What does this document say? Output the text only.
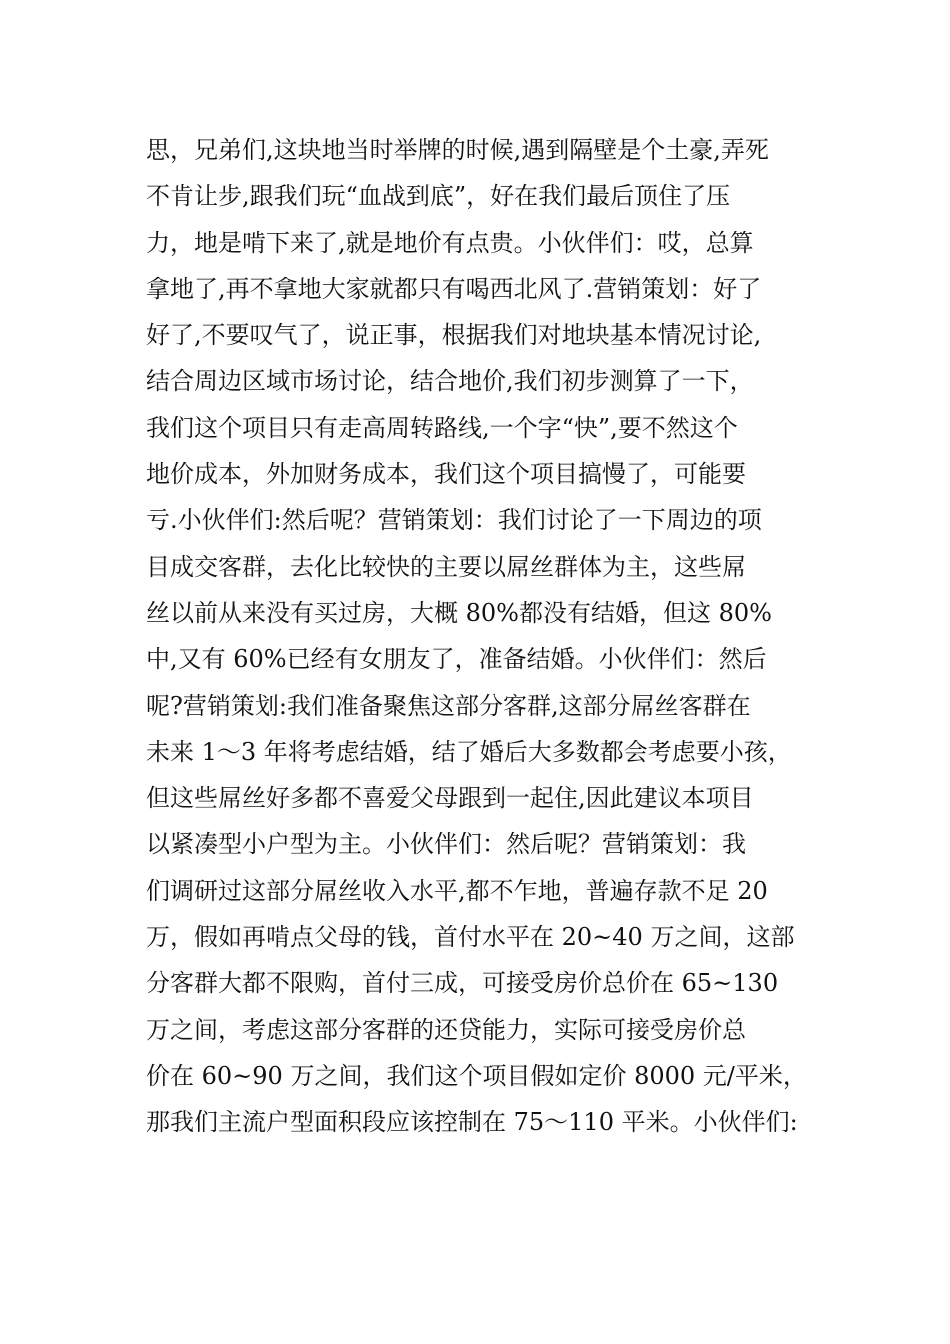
思，兄弟们,这块地当时举牌的时候,遇到隔壁是个土豪,弄死
不肯让步,跟我们玩“血战到底”，好在我们最后顶住了压
力，地是啃下来了,就是地价有点贵。小伙伴们：哎，总算
拿地了,再不拿地大家就都只有喝西北风了.营销策划：好了
好了,不要叹气了，说正事，根据我们对地块基本情况讨论,
结合周边区域市场讨论，结合地价,我们初步测算了一下，
我们这个项目只有走高周转路线,一个字“快”,要不然这个
地价成本，外加财务成本，我们这个项目搞慢了，可能要
亏.小伙伴们:然后呢？营销策划：我们讨论了一下周边的项
目成交客群，去化比较快的主要以屌丝群体为主，这些屌
丝以前从来没有买过房，大概 80%都没有结婚，但这 80%
中,又有 60%已经有女朋友了，准备结婚。小伙伴们：然后
呢?营销策划:我们准备聚焦这部分客群,这部分屌丝客群在
未来 1～3 年将考虑结婚，结了婚后大多数都会考虑要小孩，
但这些屌丝好多都不喜爱父母跟到一起住,因此建议本项目
以紧凑型小户型为主。小伙伴们：然后呢？营销策划：我
们调研过这部分屌丝收入水平,都不乍地，普遍存款不足 20
万，假如再啃点父母的钱，首付水平在 20~40 万之间，这部
分客群大都不限购，首付三成，可接受房价总价在 65~130
万之间，考虑这部分客群的还贷能力，实际可接受房价总
价在 60~90 万之间，我们这个项目假如定价 8000 元/平米，
那我们主流户型面积段应该控制在 75～110 平米。小伙伴们:
